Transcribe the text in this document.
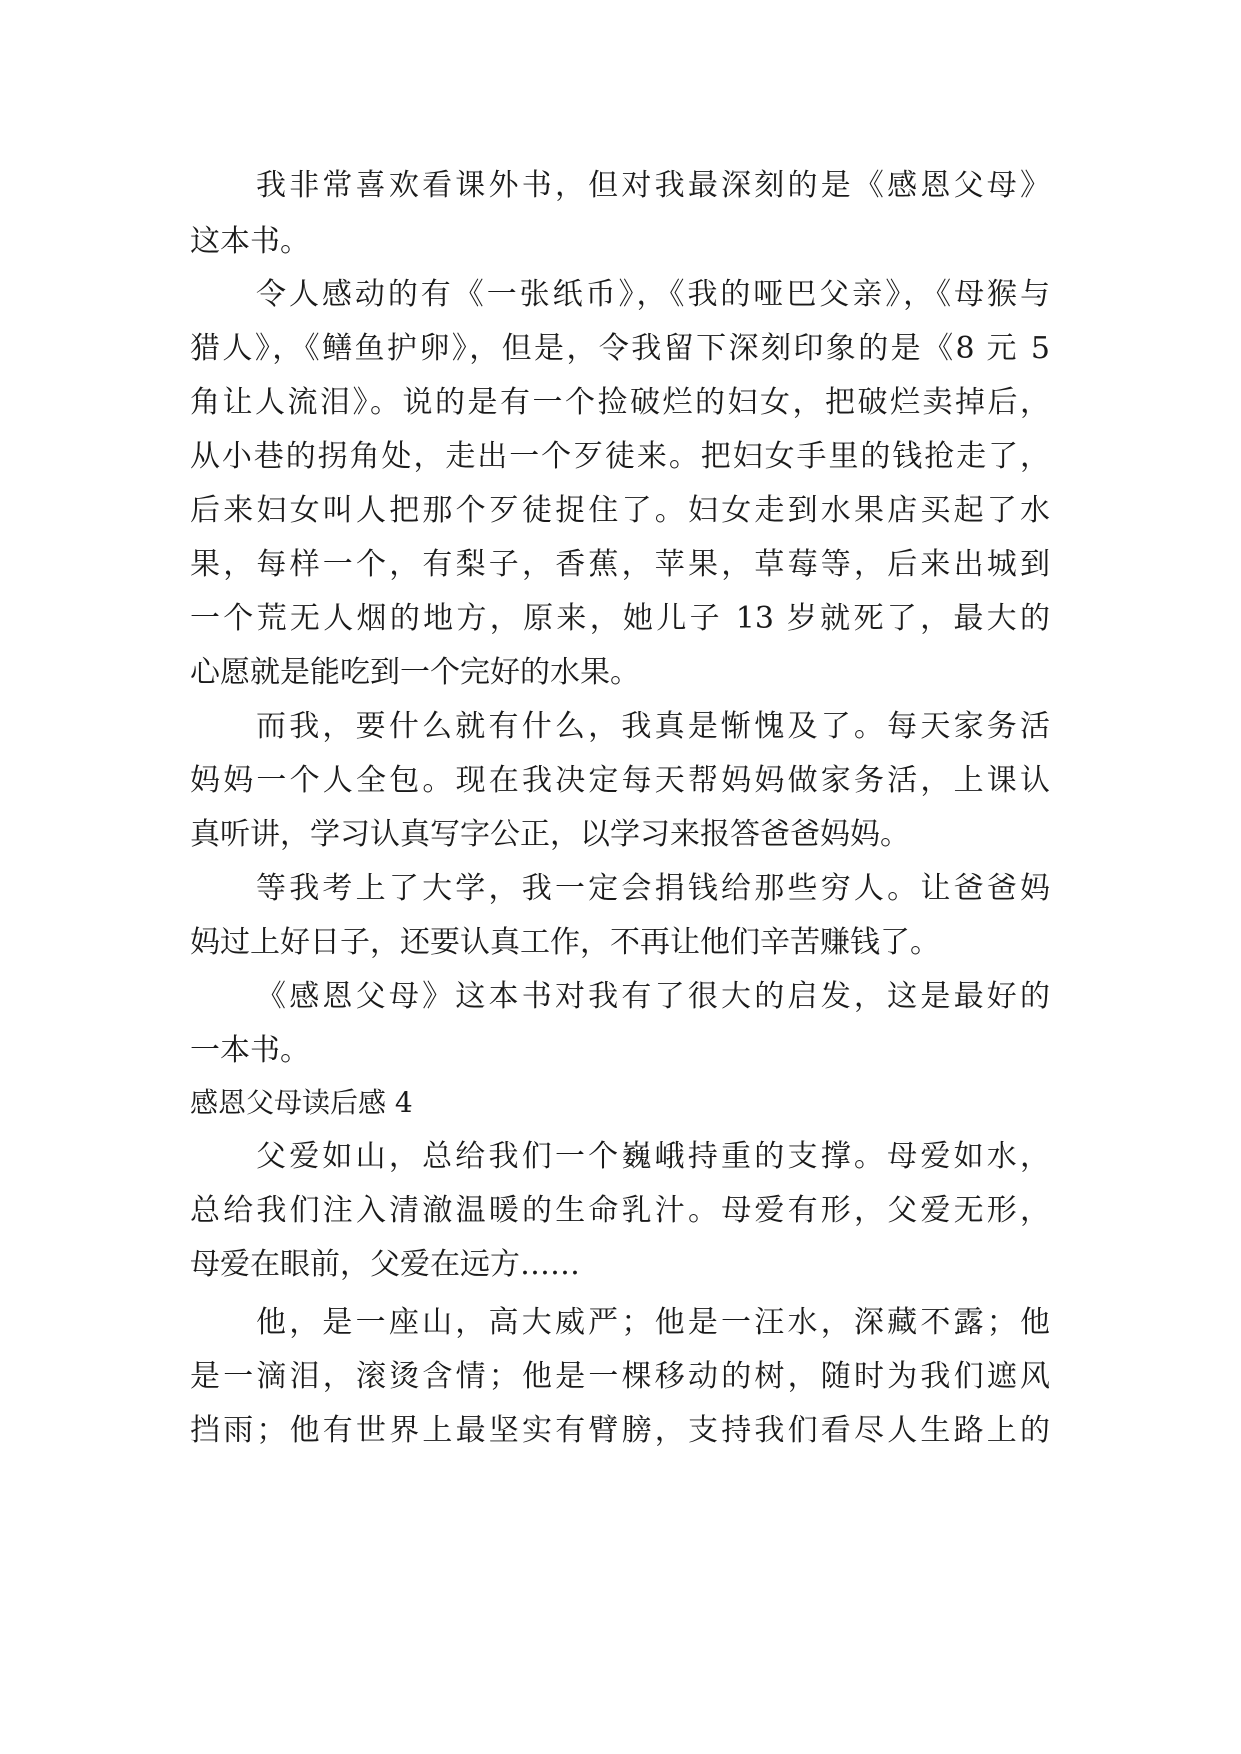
我非常喜欢看课外书，但对我最深刻的是《感恩父母》

这本书。

令人感动的有《一张纸币》，《我的哑巴父亲》，《母猴与

猎人》，《鳝鱼护卵》，但是，令我留下深刻印象的是《8 元 5

角让人流泪》。说的是有一个捡破烂的妇女，把破烂卖掉后，

从小巷的拐角处，走出一个歹徒来。把妇女手里的钱抢走了，

后来妇女叫人把那个歹徒捉住了。妇女走到水果店买起了水

果，每样一个，有梨子，香蕉，苹果，草莓等，后来出城到

一个荒无人烟的地方，原来，她儿子 13 岁就死了，最大的

心愿就是能吃到一个完好的水果。

而我，要什么就有什么，我真是惭愧及了。每天家务活

妈妈一个人全包。现在我决定每天帮妈妈做家务活，上课认

真听讲，学习认真写字公正，以学习来报答爸爸妈妈。

等我考上了大学，我一定会捐钱给那些穷人。让爸爸妈

妈过上好日子，还要认真工作，不再让他们辛苦赚钱了。

《感恩父母》这本书对我有了很大的启发，这是最好的

一本书。

感恩父母读后感 4

父爱如山，总给我们一个巍峨持重的支撑。母爱如水，

总给我们注入清澈温暖的生命乳汁。母爱有形，父爱无形，

母爱在眼前，父爱在远方……

他，是一座山，高大威严；他是一汪水，深藏不露；他

是一滴泪，滚烫含情；他是一棵移动的树，随时为我们遮风

挡雨；他有世界上最坚实有臂膀，支持我们看尽人生路上的
